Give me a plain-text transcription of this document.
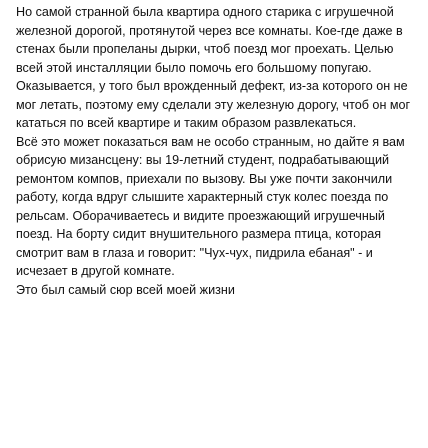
Но самой странной была квартира одного старика с игрушечной железной дорогой, протянутой через все комнаты. Кое-где даже в стенах были пропеланы дырки, чтоб поезд мог проехать. Целью всей этой инсталляции было помочь его большому попугаю. Оказывается, у того был врожденный дефект, из-за которого он не мог летать, поэтому ему сделали эту железную дорогу, чтоб он мог кататься по всей квартире и таким образом развлекаться.

Всё это может показаться вам не особо странным, но дайте я вам обрисую мизансцену: вы 19-летний студент, подрабатывающий ремонтом компов, приехали по вызову. Вы уже почти закончили работу, когда вдруг слышите характерный стук колес поезда по рельсам. Оборачиваетесь и видите проезжающий игрушечный поезд. На борту сидит внушительного размера птица, которая смотрит вам в глаза и говорит: "Чух-чух, пидрила ебаная" - и исчезает в другой комнате.

Это был самый сюр всей моей жизни
